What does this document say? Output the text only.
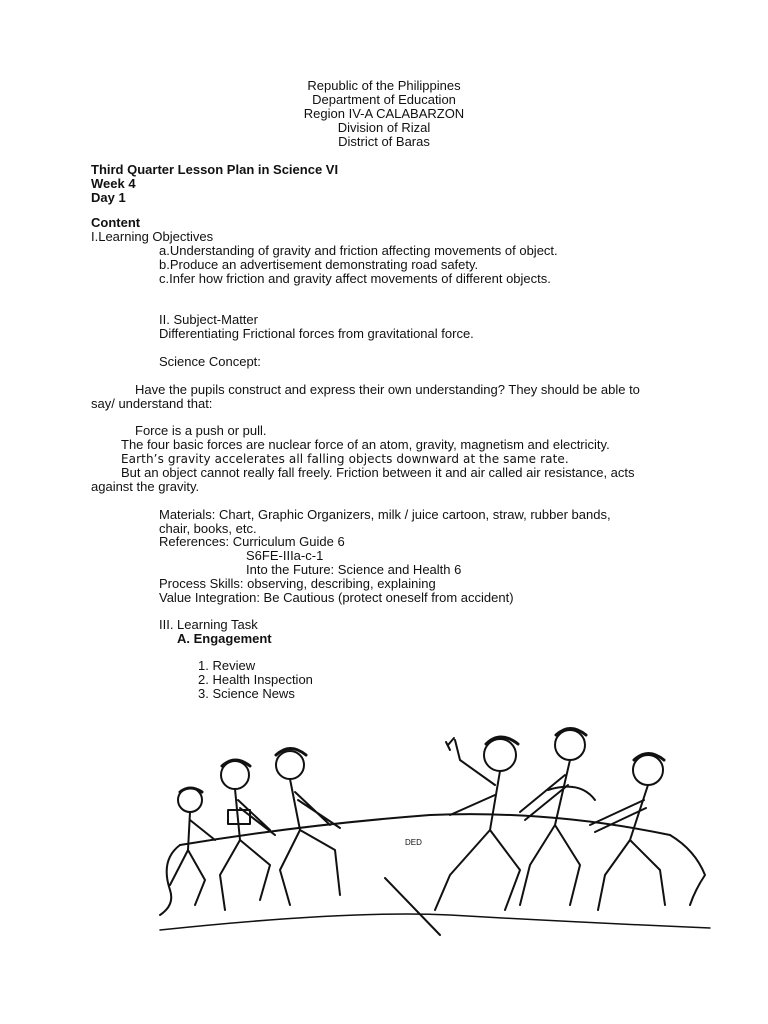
Republic of the Philippines
Department of Education
Region IV-A CALABARZON
Division of Rizal
District of Baras
Third Quarter Lesson Plan in Science VI
Week 4
Day 1
Content
I.Learning Objectives
a.Understanding of gravity and friction affecting movements of object.
b.Produce an advertisement demonstrating road safety.
c.Infer how friction and gravity affect movements of different objects.
II. Subject-Matter
Differentiating Frictional forces from gravitational force.
Science Concept:
Have the pupils construct and express their own understanding? They should be able to
say/ understand that:
Force is a push or pull.
The four basic forces are nuclear force of an atom, gravity, magnetism and electricity.
Earth’s gravity accelerates all falling objects downward at the same rate.
But an object cannot really fall freely. Friction between it and air called air resistance, acts
against the gravity.
Materials: Chart, Graphic Organizers, milk / juice cartoon, straw, rubber bands,
chair, books, etc.
References: Curriculum Guide 6
S6FE-IIIa-c-1
Into the Future: Science and Health 6
Process Skills: observing, describing, explaining
Value Integration: Be Cautious (protect oneself from accident)
III. Learning Task
A. Engagement
1. Review
2. Health Inspection
3. Science News
DED
